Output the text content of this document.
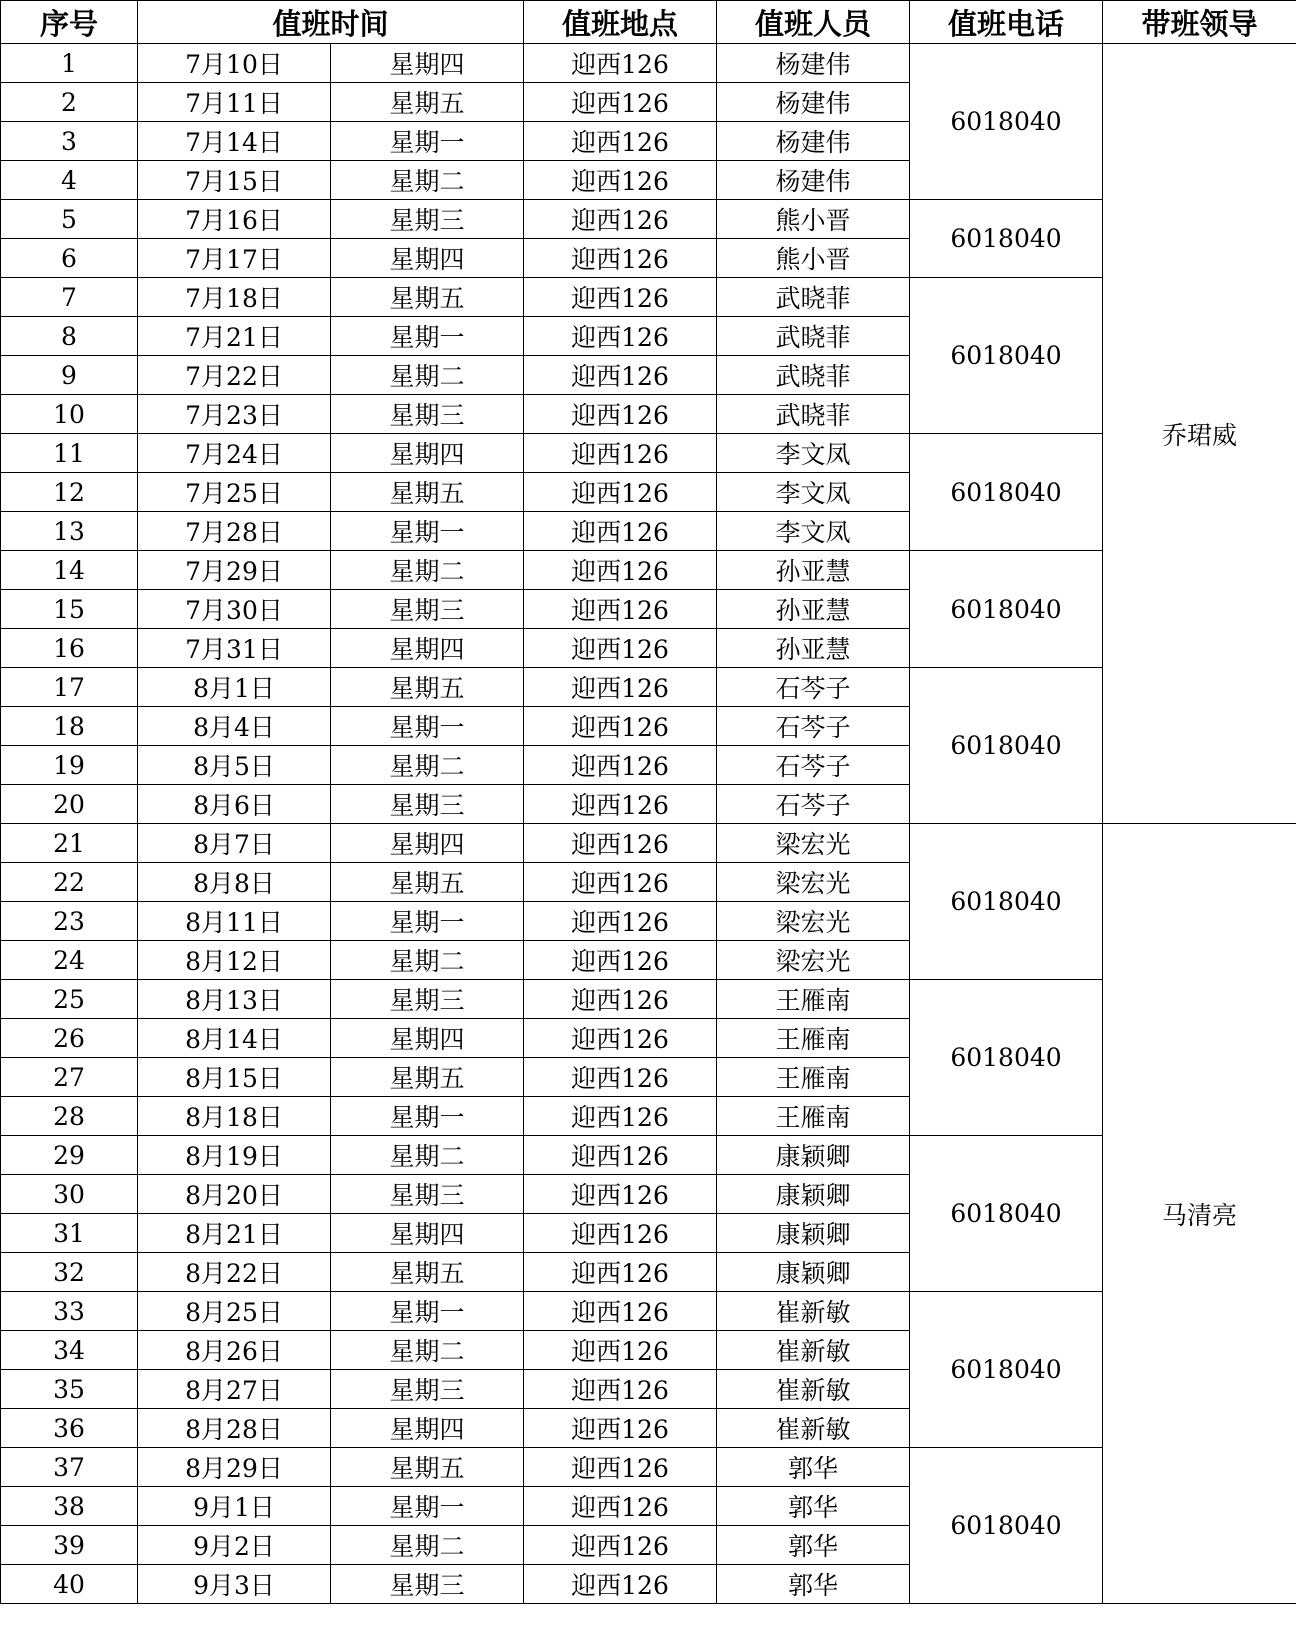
序号	值班时间		值班地点	值班人员	值班电话	带班领导
1	7月10日	星期四	迎西126	杨建伟	6018040	乔珺威
2	7月11日	星期五	迎西126	杨建伟		
3	7月14日	星期一	迎西126	杨建伟		
4	7月15日	星期二	迎西126	杨建伟		
5	7月16日	星期三	迎西126	熊小晋	6018040	
6	7月17日	星期四	迎西126	熊小晋		
7	7月18日	星期五	迎西126	武晓菲	6018040	
8	7月21日	星期一	迎西126	武晓菲		
9	7月22日	星期二	迎西126	武晓菲		
10	7月23日	星期三	迎西126	武晓菲		
11	7月24日	星期四	迎西126	李文凤	6018040	
12	7月25日	星期五	迎西126	李文凤		
13	7月28日	星期一	迎西126	李文凤		
14	7月29日	星期二	迎西126	孙亚慧	6018040	
15	7月30日	星期三	迎西126	孙亚慧		
16	7月31日	星期四	迎西126	孙亚慧		
17	8月1日	星期五	迎西126	石芩子	6018040	
18	8月4日	星期一	迎西126	石芩子		
19	8月5日	星期二	迎西126	石芩子		
20	8月6日	星期三	迎西126	石芩子		
21	8月7日	星期四	迎西126	梁宏光	6018040	马清亮
22	8月8日	星期五	迎西126	梁宏光		
23	8月11日	星期一	迎西126	梁宏光		
24	8月12日	星期二	迎西126	梁宏光		
25	8月13日	星期三	迎西126	王雁南	6018040	
26	8月14日	星期四	迎西126	王雁南		
27	8月15日	星期五	迎西126	王雁南		
28	8月18日	星期一	迎西126	王雁南		
29	8月19日	星期二	迎西126	康颖卿	6018040	
30	8月20日	星期三	迎西126	康颖卿		
31	8月21日	星期四	迎西126	康颖卿		
32	8月22日	星期五	迎西126	康颖卿		
33	8月25日	星期一	迎西126	崔新敏	6018040	
34	8月26日	星期二	迎西126	崔新敏		
35	8月27日	星期三	迎西126	崔新敏		
36	8月28日	星期四	迎西126	崔新敏		
37	8月29日	星期五	迎西126	郭华	6018040	
38	9月1日	星期一	迎西126	郭华		
39	9月2日	星期二	迎西126	郭华		
40	9月3日	星期三	迎西126	郭华		
